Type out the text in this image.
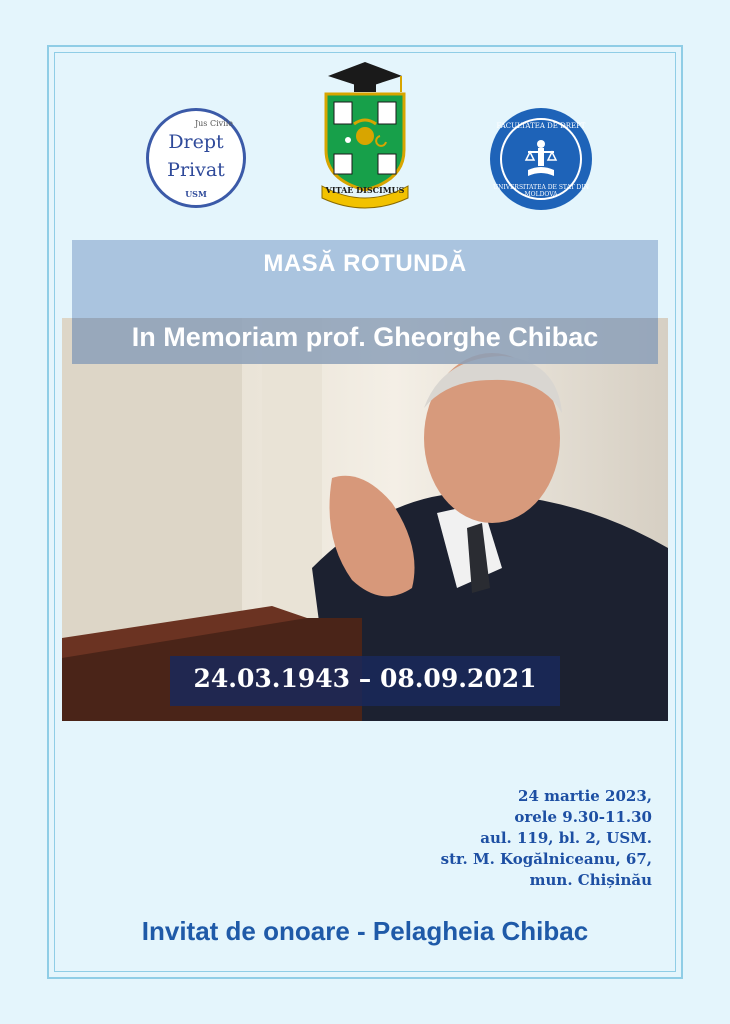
Jus Civile
Drept
Privat
USM	VITAE DISCIMUS
FACULTATEA DE DREPT
UNIVERSITATEA DE STAT DIN MOLDOVA
MASĂ ROTUNDĂ
In Memoriam prof. Gheorghe Chibac
24.03.1943 – 08.09.2021
24 martie 2023,
orele 9.30-11.30
aul. 119, bl. 2, USM.
str. M. Kogălniceanu, 67,
mun. Chișinău
Invitat de onoare - Pelagheia Chibac
